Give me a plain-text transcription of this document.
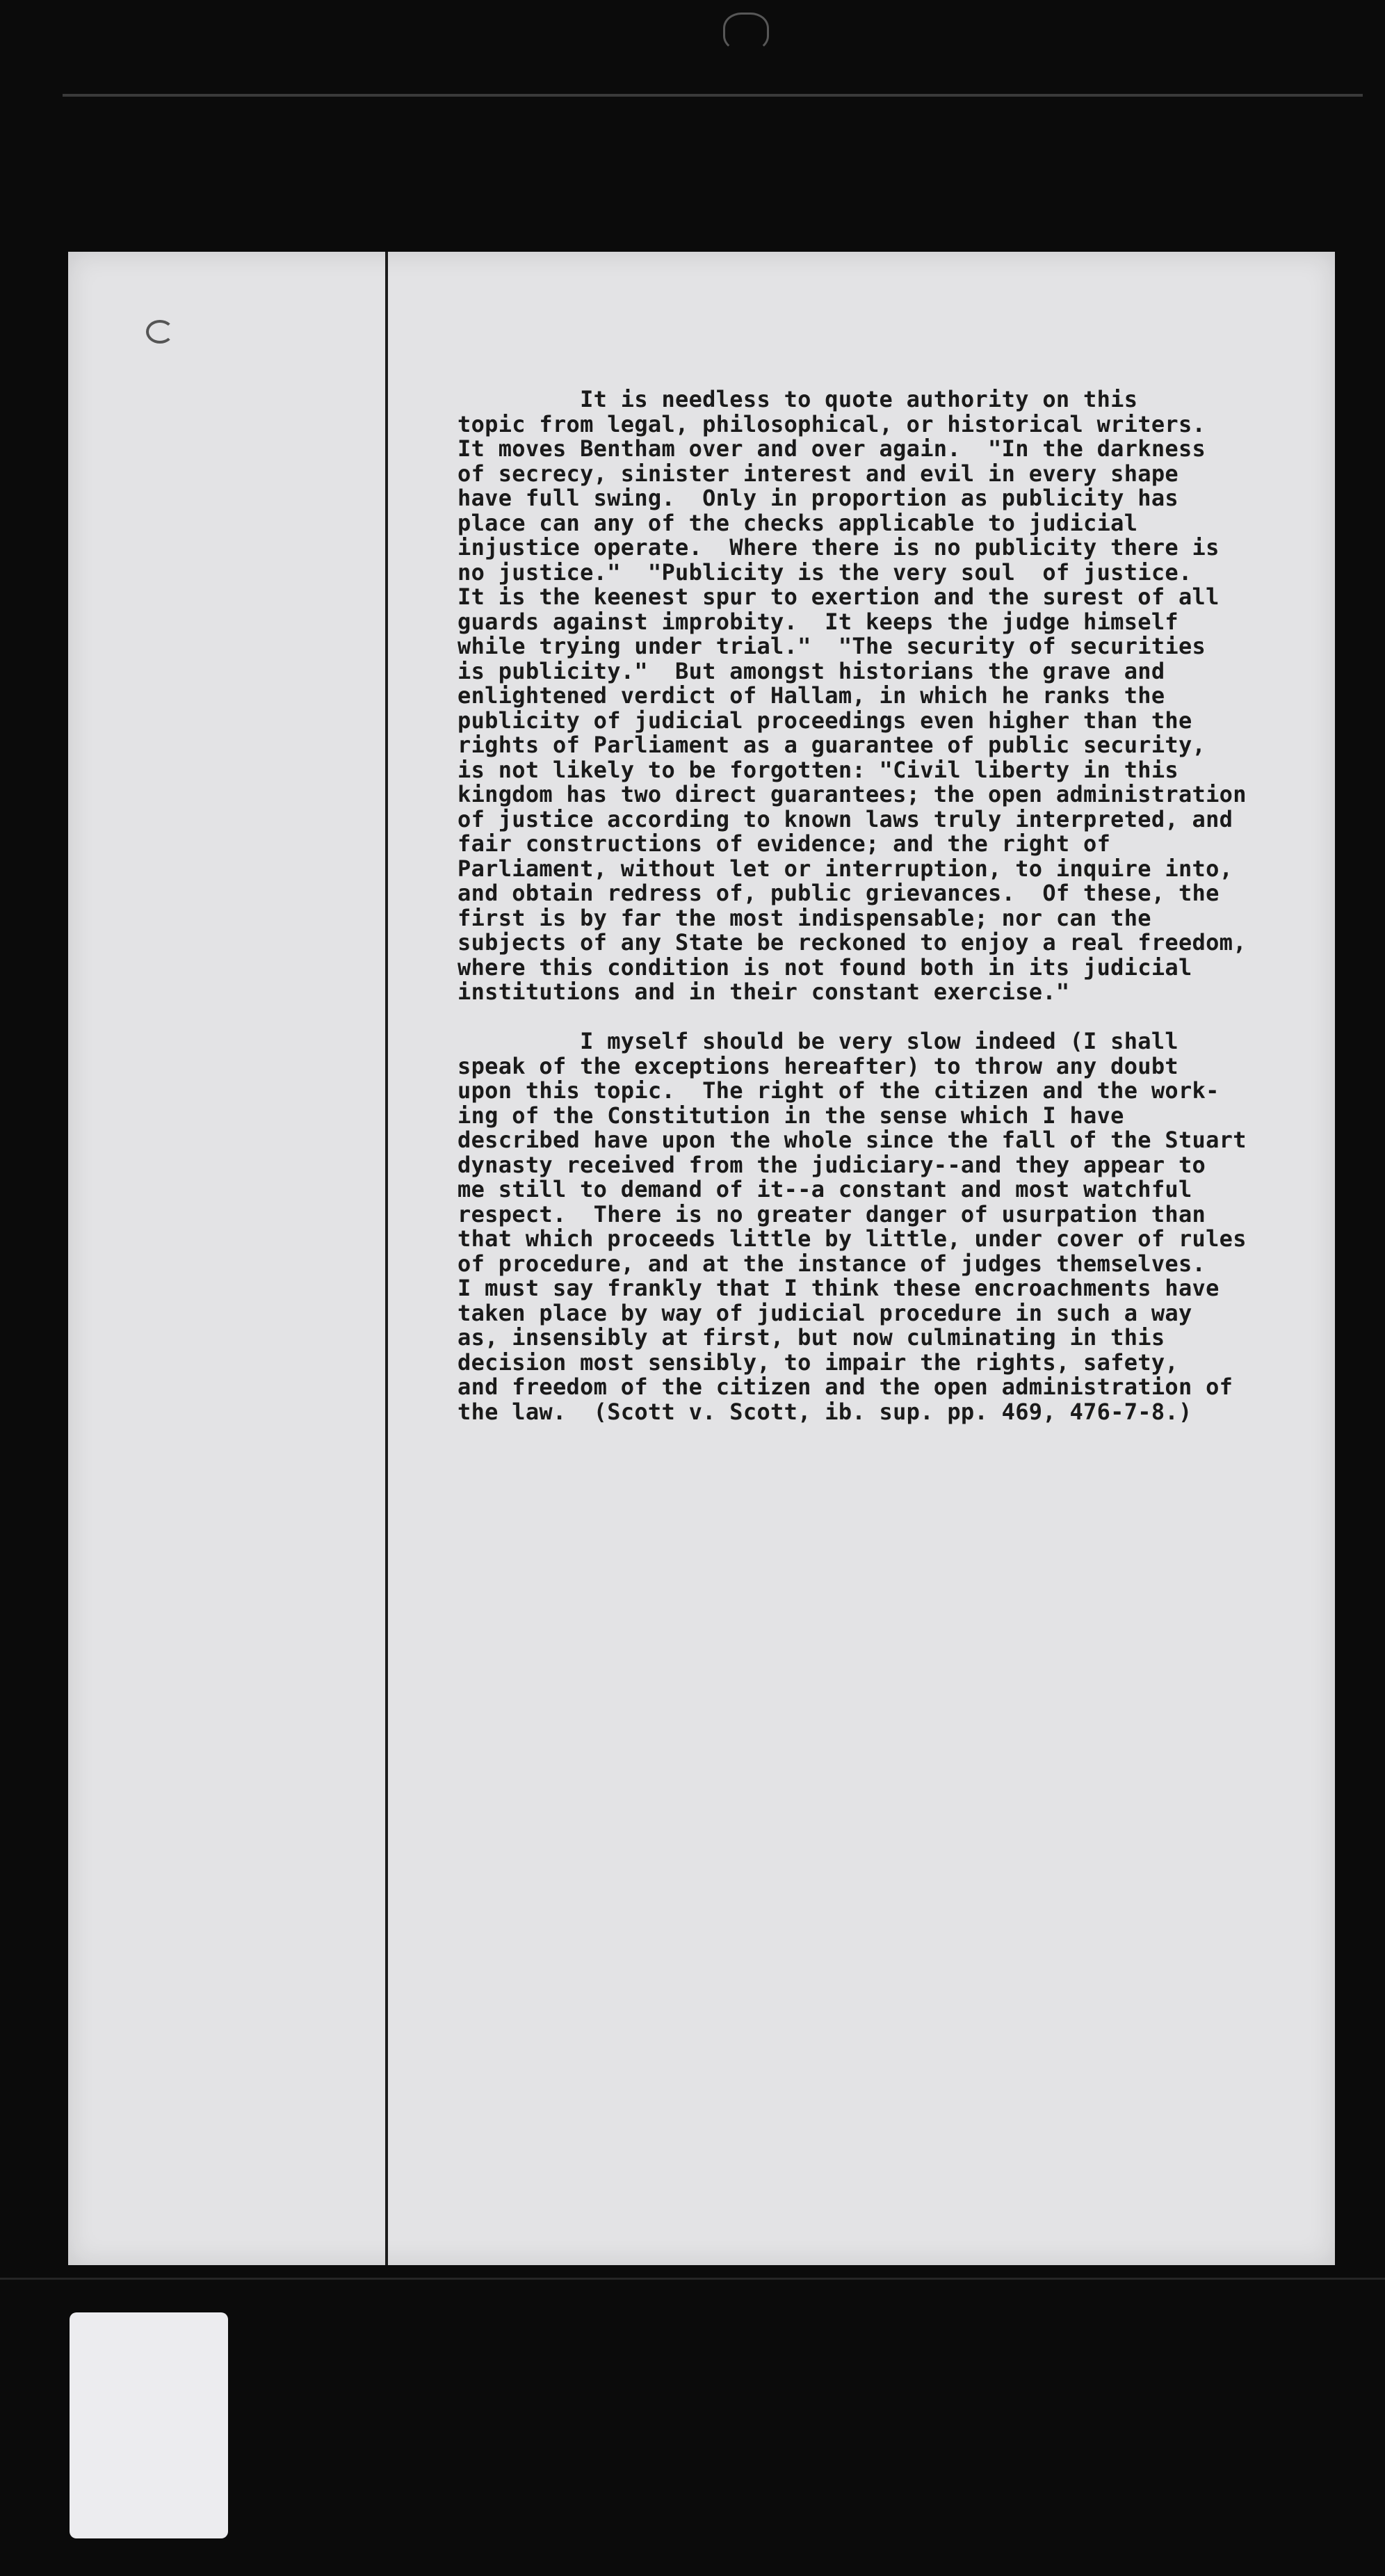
It is needless to quote authority on this
topic from legal, philosophical, or historical writers.
It moves Bentham over and over again.  "In the darkness
of secrecy, sinister interest and evil in every shape
have full swing.  Only in proportion as publicity has
place can any of the checks applicable to judicial
injustice operate.  Where there is no publicity there is
no justice."  "Publicity is the very soul  of justice.
It is the keenest spur to exertion and the surest of all
guards against improbity.  It keeps the judge himself
while trying under trial."  "The security of securities
is publicity."  But amongst historians the grave and
enlightened verdict of Hallam, in which he ranks the
publicity of judicial proceedings even higher than the
rights of Parliament as a guarantee of public security,
is not likely to be forgotten: "Civil liberty in this
kingdom has two direct guarantees; the open administration
of justice according to known laws truly interpreted, and
fair constructions of evidence; and the right of
Parliament, without let or interruption, to inquire into,
and obtain redress of, public grievances.  Of these, the
first is by far the most indispensable; nor can the
subjects of any State be reckoned to enjoy a real freedom,
where this condition is not found both in its judicial
institutions and in their constant exercise."
I myself should be very slow indeed (I shall
speak of the exceptions hereafter) to throw any doubt
upon this topic.  The right of the citizen and the work-
ing of the Constitution in the sense which I have
described have upon the whole since the fall of the Stuart
dynasty received from the judiciary--and they appear to
me still to demand of it--a constant and most watchful
respect.  There is no greater danger of usurpation than
that which proceeds little by little, under cover of rules
of procedure, and at the instance of judges themselves.
I must say frankly that I think these encroachments have
taken place by way of judicial procedure in such a way
as, insensibly at first, but now culminating in this
decision most sensibly, to impair the rights, safety,
and freedom of the citizen and the open administration of
the law.  (Scott v. Scott, ib. sup. pp. 469, 476-7-8.)
